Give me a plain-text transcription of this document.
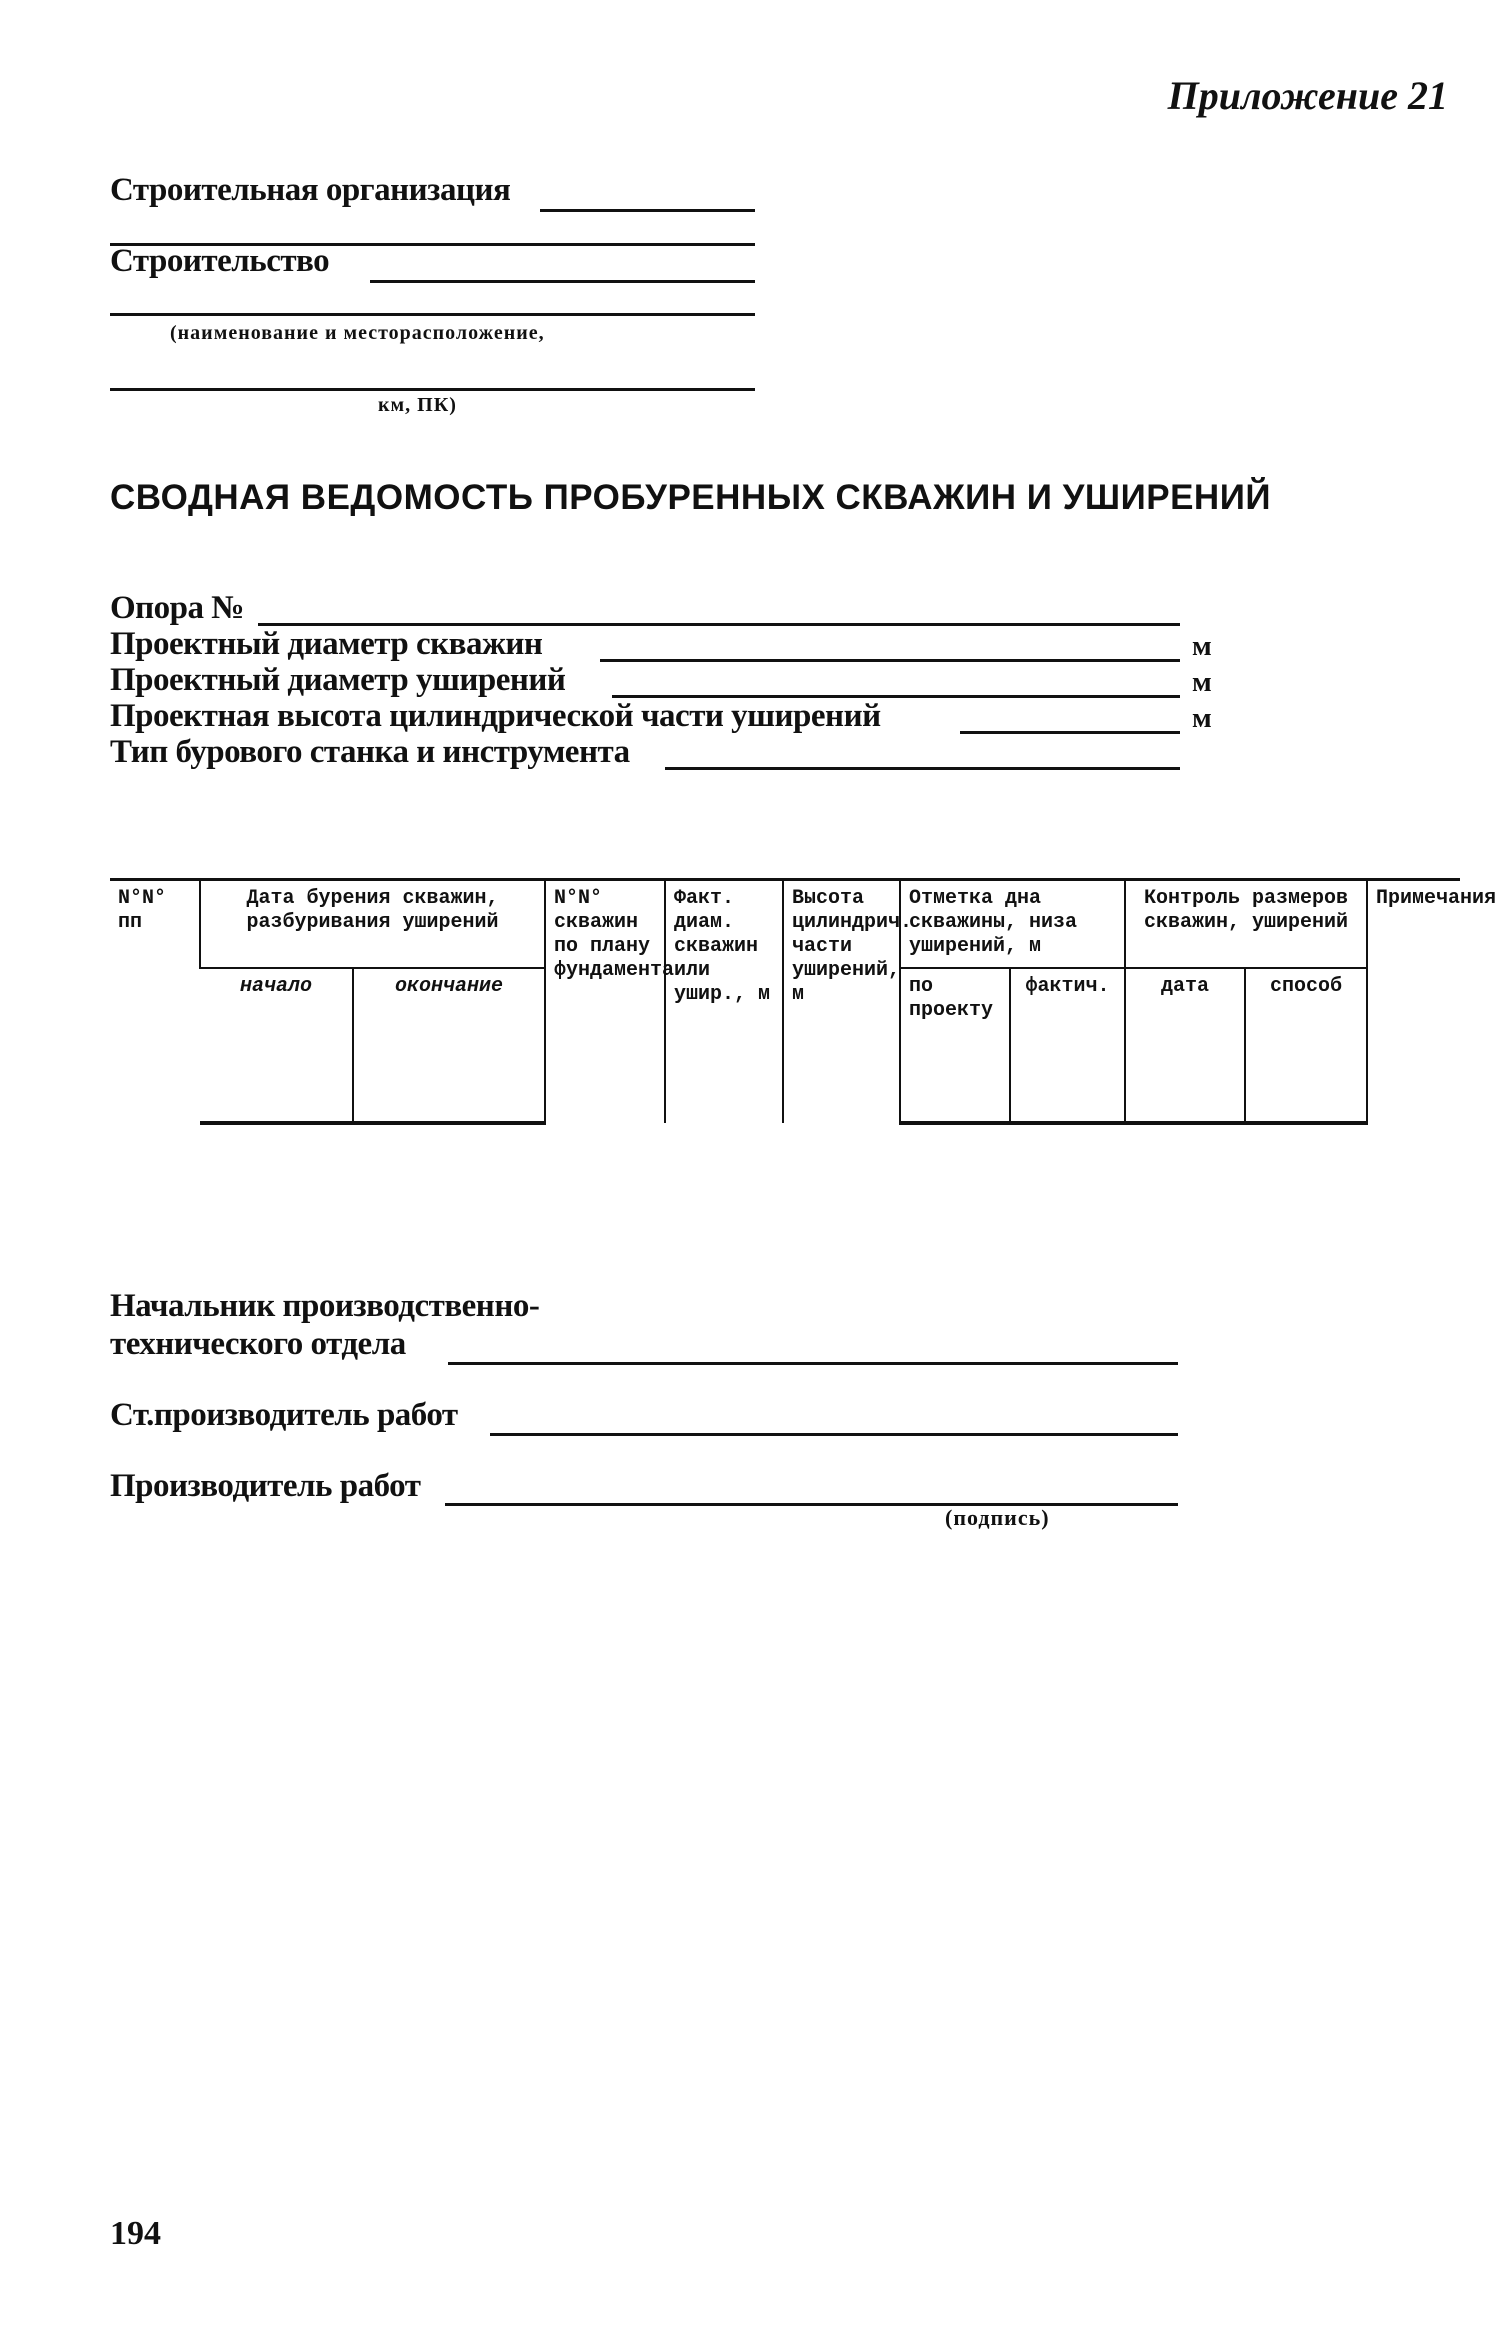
Приложение 21
Строительная организация
Строительство
(наименование и месторасположение,
км, ПК)
СВОДНАЯ ВЕДОМОСТЬ ПРОБУРЕННЫХ СКВАЖИН И УШИРЕНИЙ
Опора №
Проектный диаметр скважин	м
Проектный диаметр уширений	м
Проектная высота цилиндрической части уширений	м
Тип бурового станка и инструмента
N°N° пп	Дата бурения скважин, разбуривания уширений		N°N° скважин по плану фундамента	Факт. диам. скважин или ушир., м	Высота цилиндрич. части уширений, м	Отметка дна скважины, низа уширений, м		Контроль размеров скважин, уширений		Примечания
	начало	окончание				по проекту	фактич.	дата	способ	
Начальник производственно-
технического отдела
Ст.производитель работ
Производитель работ
(подпись)
194
